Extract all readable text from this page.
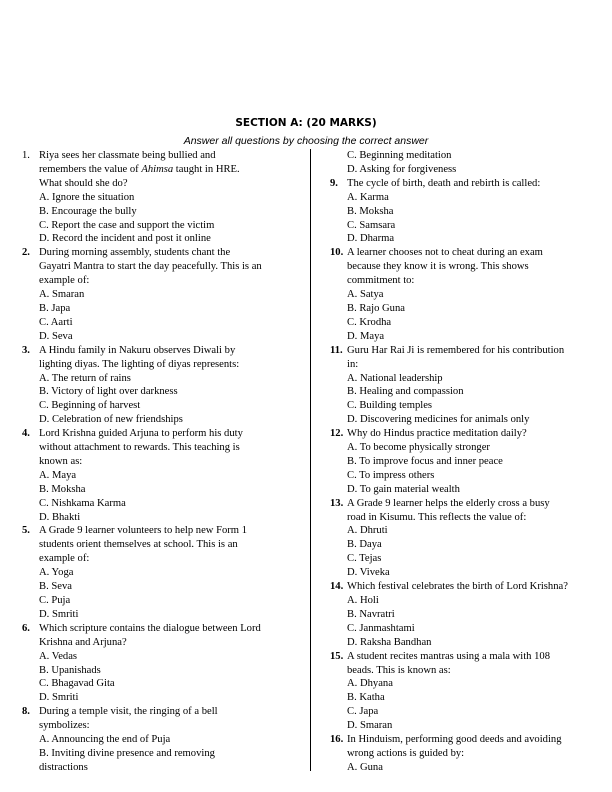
SECTION A: (20 MARKS)
Answer all questions by choosing the correct answer
1. Riya sees her classmate being bullied and
remembers the value of Ahimsa taught in HRE.
What should she do?
A. Ignore the situation
B. Encourage the bully
C. Report the case and support the victim
D. Record the incident and post it online
2. During morning assembly, students chant the
Gayatri Mantra to start the day peacefully. This is an
example of:
A. Smaran
B. Japa
C. Aarti
D. Seva
3. A Hindu family in Nakuru observes Diwali by
lighting diyas. The lighting of diyas represents:
A. The return of rains
B. Victory of light over darkness
C. Beginning of harvest
D. Celebration of new friendships
4. Lord Krishna guided Arjuna to perform his duty
without attachment to rewards. This teaching is
known as:
A. Maya
B. Moksha
C. Nishkama Karma
D. Bhakti
5. A Grade 9 learner volunteers to help new Form 1
students orient themselves at school. This is an
example of:
A. Yoga
B. Seva
C. Puja
D. Smriti
6. Which scripture contains the dialogue between Lord
Krishna and Arjuna?
A. Vedas
B. Upanishads
C. Bhagavad Gita
D. Smriti
8. During a temple visit, the ringing of a bell
symbolizes:
A. Announcing the end of Puja
B. Inviting divine presence and removing
distractions
C. Beginning meditation
D. Asking for forgiveness
9. The cycle of birth, death and rebirth is called:
A. Karma
B. Moksha
C. Samsara
D. Dharma
10. A learner chooses not to cheat during an exam
because they know it is wrong. This shows
commitment to:
A. Satya
B. Rajo Guna
C. Krodha
D. Maya
11. Guru Har Rai Ji is remembered for his contribution
in:
A. National leadership
B. Healing and compassion
C. Building temples
D. Discovering medicines for animals only
12. Why do Hindus practice meditation daily?
A. To become physically stronger
B. To improve focus and inner peace
C. To impress others
D. To gain material wealth
13. A Grade 9 learner helps the elderly cross a busy
road in Kisumu. This reflects the value of:
A. Dhruti
B. Daya
C. Tejas
D. Viveka
14. Which festival celebrates the birth of Lord Krishna?
A. Holi
B. Navratri
C. Janmashtami
D. Raksha Bandhan
15. A student recites mantras using a mala with 108
beads. This is known as:
A. Dhyana
B. Katha
C. Japa
D. Smaran
16. In Hinduism, performing good deeds and avoiding
wrong actions is guided by:
A. Guna
